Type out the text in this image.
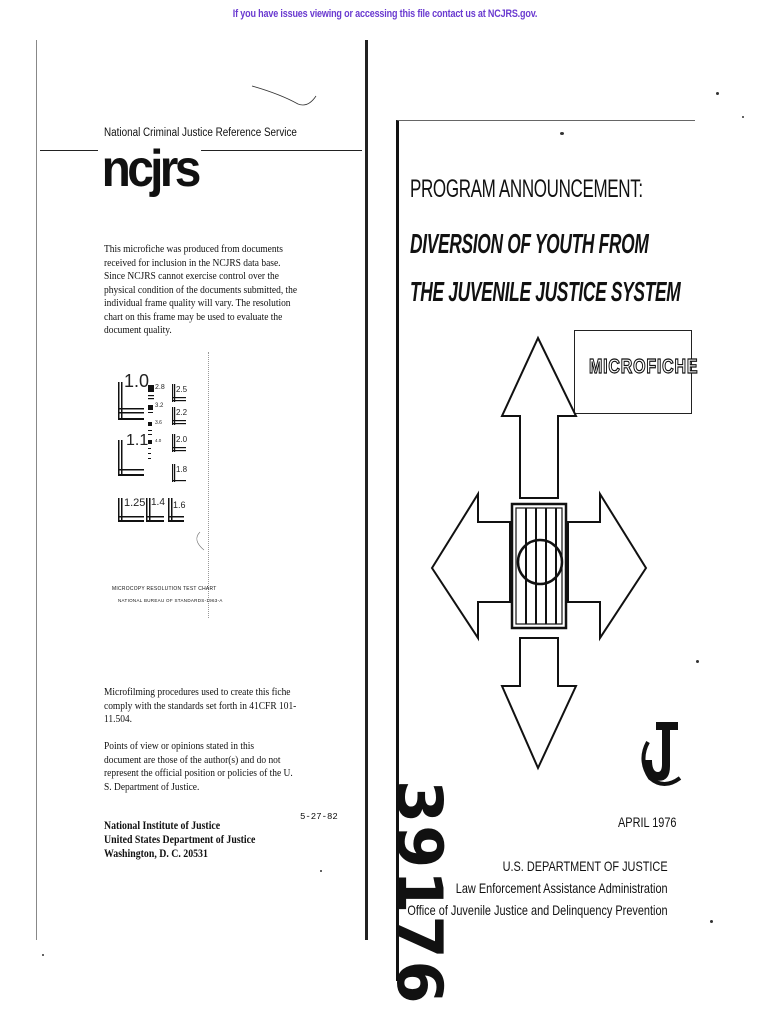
If you have issues viewing or accessing this file contact us at NCJRS.gov.
National Criminal Justice Reference Service
ncjrs
This microfiche was produced from documents received for inclusion in the NCJRS data base. Since NCJRS cannot exercise control over the physical condition of the documents submitted, the individual frame quality will vary. The resolution chart on this frame may be used to evaluate the document quality.
1.0 2.8 2.5
3.2
2.2
3.6
2.0
1.1 4.0
1.8
1.25 1.4 1.6
MICROCOPY RESOLUTION TEST CHART
NATIONAL BUREAU OF STANDARDS-1963-A
Microfilming procedures used to create this fiche comply with the standards set forth in 41CFR 101-11.504.
Points of view or opinions stated in this document are those of the author(s) and do not represent the official position or policies of the U. S. Department of Justice.
National Institute of Justice
United States Department of Justice
Washington, D. C. 20531
5-27-82
PROGRAM ANNOUNCEMENT:
DIVERSION OF YOUTH FROM
THE JUVENILE JUSTICE SYSTEM
MICROFICHE
APRIL 1976
U.S. DEPARTMENT OF JUSTICE
Law Enforcement Assistance Administration
Office of Juvenile Justice and Delinquency Prevention
39176
